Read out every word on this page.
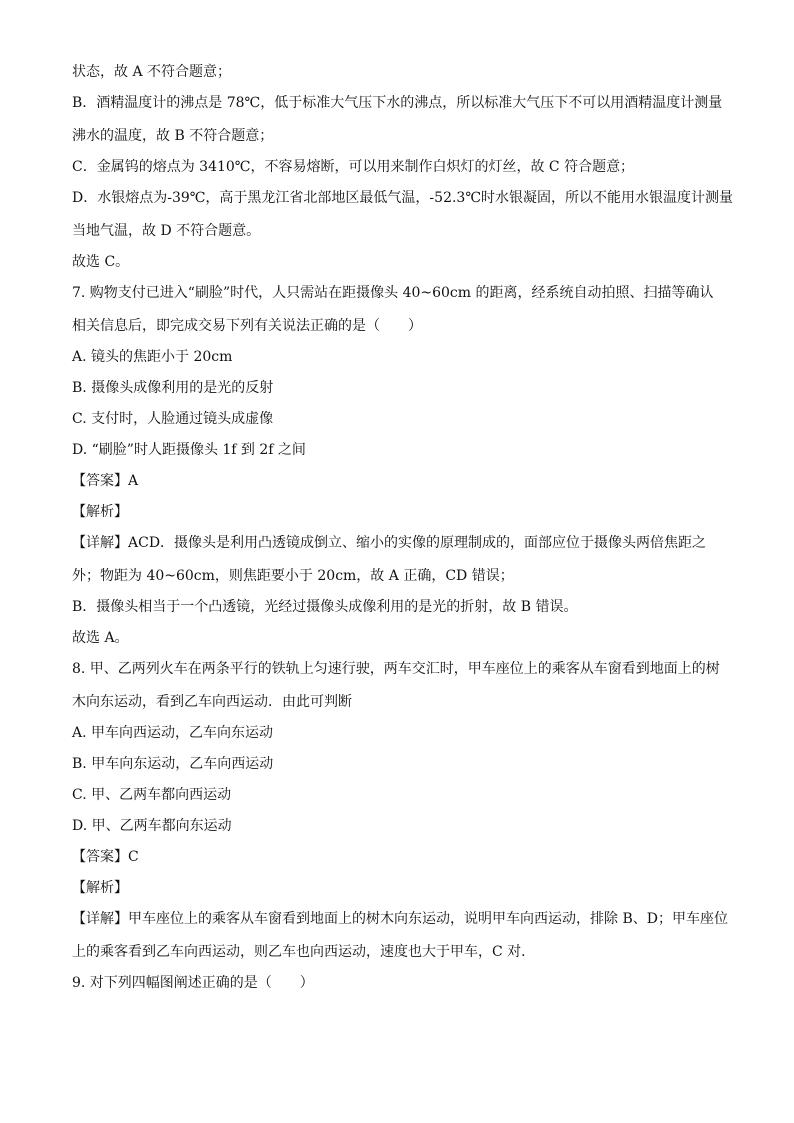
状态，故 A 不符合题意；

B．酒精温度计的沸点是 78℃，低于标准大气压下水的沸点，所以标准大气压下不可以用酒精温度计测量

沸水的温度，故 B 不符合题意；

C．金属钨的熔点为 3410℃，不容易熔断，可以用来制作白炽灯的灯丝，故 C 符合题意；

D．水银熔点为-39℃，高于黑龙江省北部地区最低气温，-52.3℃时水银凝固，所以不能用水银温度计测量

当地气温，故 D 不符合题意。

故选 C。

7. 购物支付已进入“刷脸”时代，人只需站在距摄像头 40~60cm 的距离，经系统自动拍照、扫描等确认

相关信息后，即完成交易下列有关说法正确的是（　　）

A. 镜头的焦距小于 20cm

B. 摄像头成像利用的是光的反射

C. 支付时，人脸通过镜头成虚像

D. “刷脸”时人距摄像头 1f 到 2f 之间

【答案】A

【解析】

【详解】ACD．摄像头是利用凸透镜成倒立、缩小的实像的原理制成的，面部应位于摄像头两倍焦距之

外；物距为 40~60cm，则焦距要小于 20cm，故 A 正确，CD 错误；

B．摄像头相当于一个凸透镜，光经过摄像头成像利用的是光的折射，故 B 错误。

故选 A。

8. 甲、乙两列火车在两条平行的铁轨上匀速行驶，两车交汇时，甲车座位上的乘客从车窗看到地面上的树

木向东运动，看到乙车向西运动．由此可判断

A. 甲车向西运动，乙车向东运动

B. 甲车向东运动，乙车向西运动

C. 甲、乙两车都向西运动

D. 甲、乙两车都向东运动

【答案】C

【解析】

【详解】甲车座位上的乘客从车窗看到地面上的树木向东运动，说明甲车向西运动，排除 B、D；甲车座位

上的乘客看到乙车向西运动，则乙车也向西运动，速度也大于甲车，C 对．

9. 对下列四幅图阐述正确的是（　　）
